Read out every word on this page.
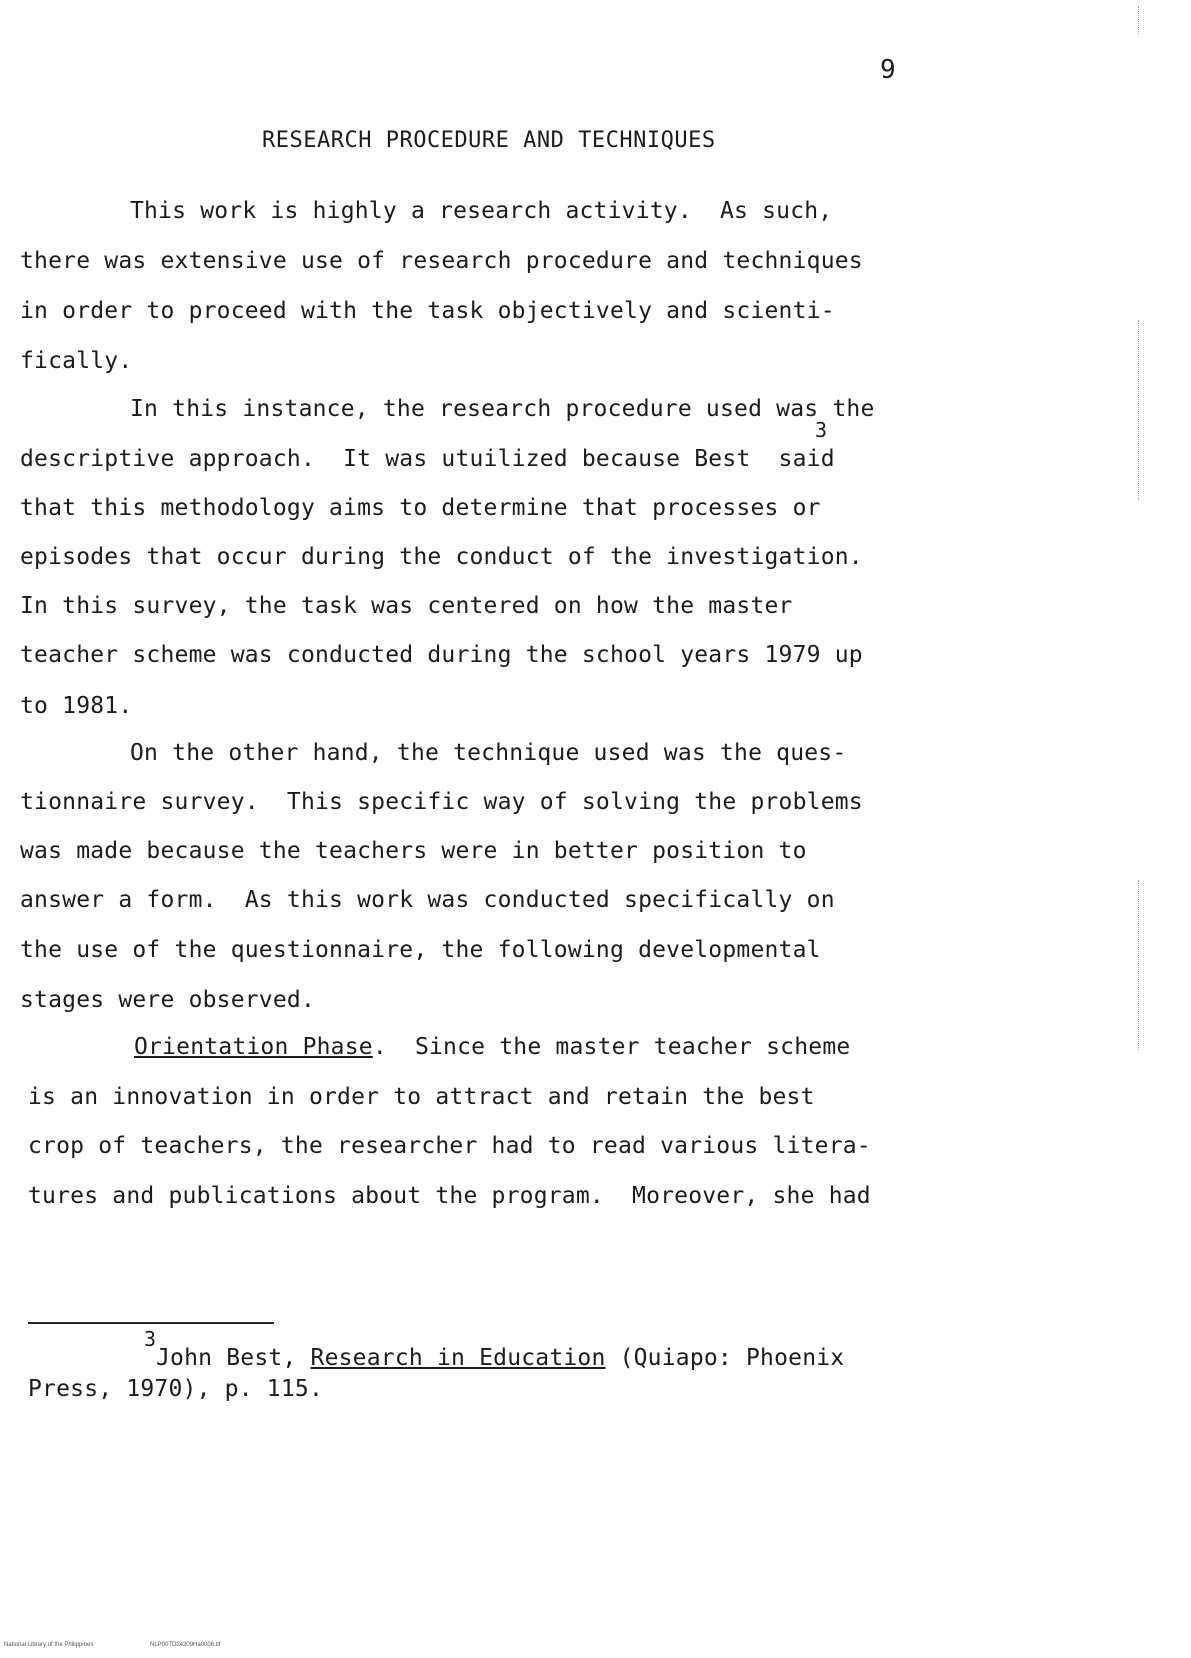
9
RESEARCH PROCEDURE AND TECHNIQUES
This work is highly a research activity.  As such,
there was extensive use of research procedure and techniques
in order to proceed with the task objectively and scienti-
fically.
In this instance, the research procedure used was the
3
descriptive approach.  It was utuilized because Best  said
that this methodology aims to determine that processes or
episodes that occur during the conduct of the investigation.
In this survey, the task was centered on how the master
teacher scheme was conducted during the school years 1979 up
to 1981.
On the other hand, the technique used was the ques-
tionnaire survey.  This specific way of solving the problems
was made because the teachers were in better position to
answer a form.  As this work was conducted specifically on
the use of the questionnaire, the following developmental
stages were observed.
Orientation Phase.  Since the master teacher scheme
is an innovation in order to attract and retain the best
crop of teachers, the researcher had to read various litera-
tures and publications about the program.  Moreover, she had
3
John Best, Research in Education (Quiapo: Phoenix
Press, 1970), p. 115.
National Library of the Philippines	NLP00TD24309Ha0006.tif
